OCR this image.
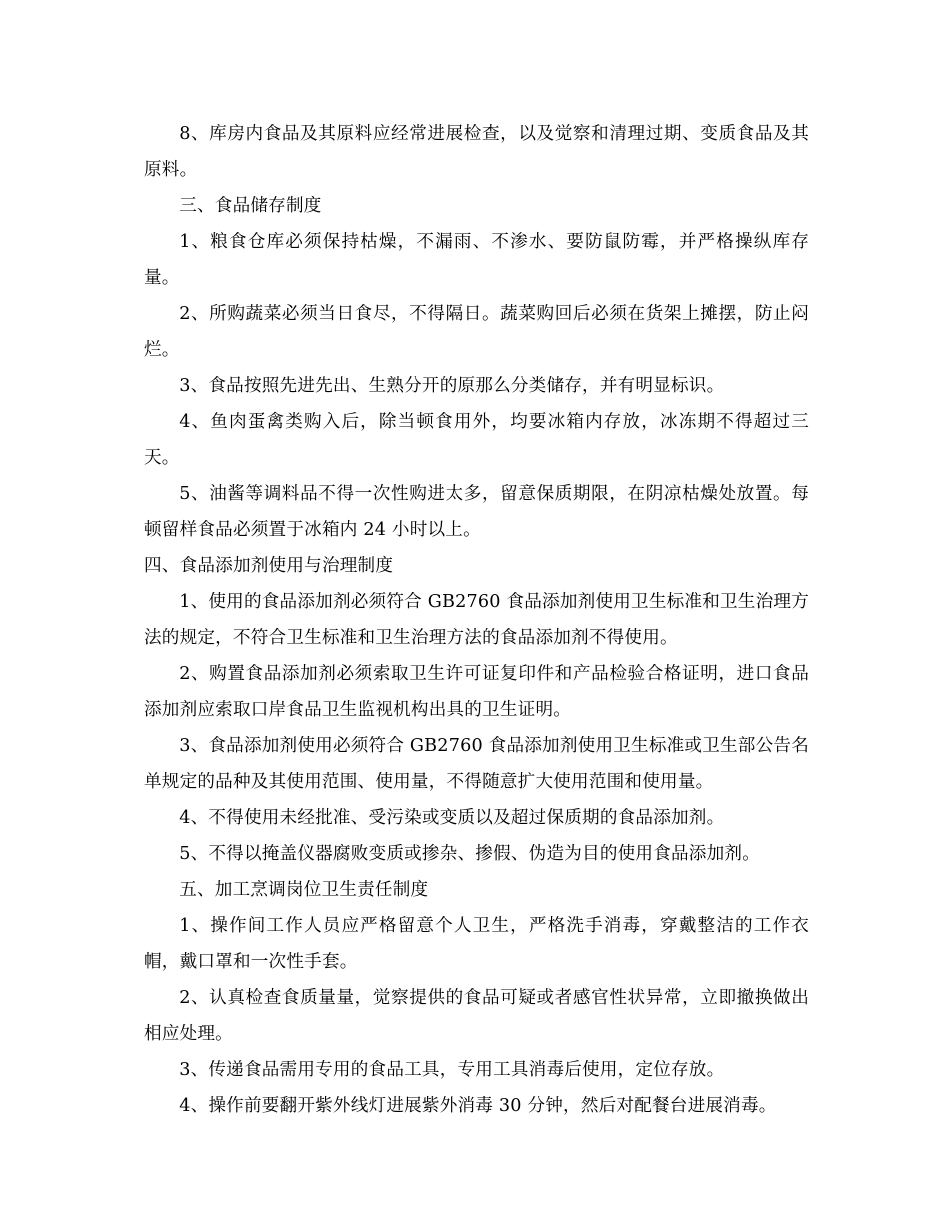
8、库房内食品及其原料应经常进展检查，以及觉察和清理过期、变质食品及其原料。

三、食品储存制度

1、粮食仓库必须保持枯燥，不漏雨、不渗水、要防鼠防霉，并严格操纵库存量。

2、所购蔬菜必须当日食尽，不得隔日。蔬菜购回后必须在货架上摊摆，防止闷烂。

3、食品按照先进先出、生熟分开的原那么分类储存，并有明显标识。

4、鱼肉蛋禽类购入后，除当顿食用外，均要冰箱内存放，冰冻期不得超过三天。

5、油酱等调料品不得一次性购进太多，留意保质期限，在阴凉枯燥处放置。每顿留样食品必须置于冰箱内 24 小时以上。

四、食品添加剂使用与治理制度

1、使用的食品添加剂必须符合 GB2760 食品添加剂使用卫生标准和卫生治理方法的规定，不符合卫生标准和卫生治理方法的食品添加剂不得使用。

2、购置食品添加剂必须索取卫生许可证复印件和产品检验合格证明，进口食品添加剂应索取口岸食品卫生监视机构出具的卫生证明。

3、食品添加剂使用必须符合 GB2760 食品添加剂使用卫生标准或卫生部公告名单规定的品种及其使用范围、使用量，不得随意扩大使用范围和使用量。

4、不得使用未经批准、受污染或变质以及超过保质期的食品添加剂。

5、不得以掩盖仪器腐败变质或掺杂、掺假、伪造为目的使用食品添加剂。

五、加工烹调岗位卫生责任制度

1、操作间工作人员应严格留意个人卫生，严格洗手消毒，穿戴整洁的工作衣帽，戴口罩和一次性手套。

2、认真检查食质量量，觉察提供的食品可疑或者感官性状异常，立即撤换做出相应处理。

3、传递食品需用专用的食品工具，专用工具消毒后使用，定位存放。

4、操作前要翻开紫外线灯进展紫外消毒 30 分钟，然后对配餐台进展消毒。
